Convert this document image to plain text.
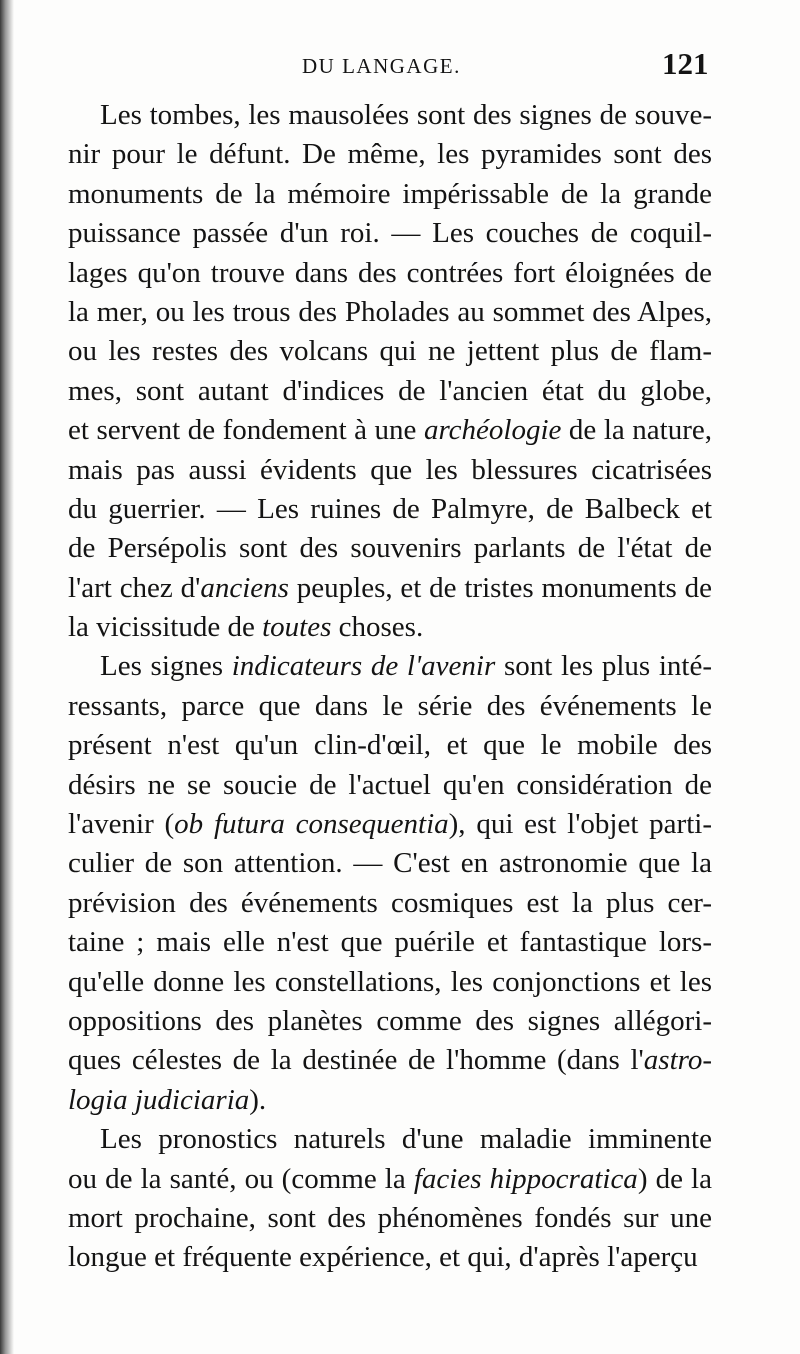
DU LANGAGE.	121
Les tombes, les mausolées sont des signes de souve-
nir pour le défunt. De même, les pyramides sont des
monuments de la mémoire impérissable de la grande
puissance passée d'un roi. — Les couches de coquil-
lages qu'on trouve dans des contrées fort éloignées de
la mer, ou les trous des Pholades au sommet des Alpes,
ou les restes des volcans qui ne jettent plus de flam-
mes, sont autant d'indices de l'ancien état du globe,
et servent de fondement à une archéologie de la nature,
mais pas aussi évidents que les blessures cicatrisées
du guerrier. — Les ruines de Palmyre, de Balbeck et
de Persépolis sont des souvenirs parlants de l'état de
l'art chez d'anciens peuples, et de tristes monuments de
la vicissitude de toutes choses.
Les signes indicateurs de l'avenir sont les plus inté-
ressants, parce que dans le série des événements le
présent n'est qu'un clin-d'œil, et que le mobile des
désirs ne se soucie de l'actuel qu'en considération de
l'avenir (ob futura consequentia), qui est l'objet parti-
culier de son attention. — C'est en astronomie que la
prévision des événements cosmiques est la plus cer-
taine ; mais elle n'est que puérile et fantastique lors-
qu'elle donne les constellations, les conjonctions et les
oppositions des planètes comme des signes allégori-
ques célestes de la destinée de l'homme (dans l'astro-
logia judiciaria).
Les pronostics naturels d'une maladie imminente
ou de la santé, ou (comme la facies hippocratica) de la
mort prochaine, sont des phénomènes fondés sur une
longue et fréquente expérience, et qui, d'après l'aperçu
